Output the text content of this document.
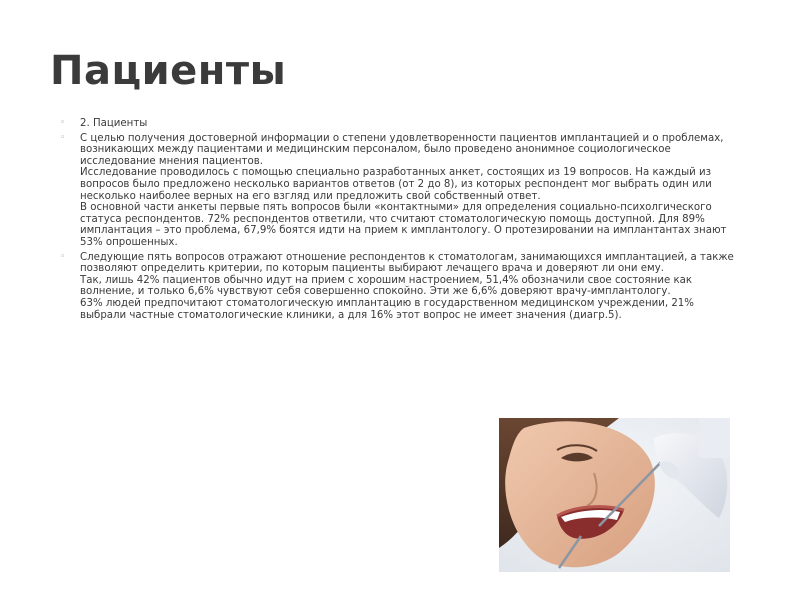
Пациенты
◦ 2. Пациенты
◦ С целью получения достоверной информации о степени удовлетворенности пациентов имплантацией и о проблемах,
возникающих между пациентами и медицинским персоналом, было проведено анонимное социологическое
исследование мнения пациентов.
Исследование проводилось с помощью специально разработанных анкет, состоящих из 19 вопросов. На каждый из
вопросов было предложено несколько вариантов ответов (от 2 до 8), из которых респондент мог выбрать один или
несколько наиболее верных на его взгляд или предложить свой собственный ответ.
В основной части анкеты первые пять вопросов были «контактными» для определения социально-психолгического
статуса респондентов. 72% респондентов ответили, что считают стоматологическую помощь доступной. Для 89%
имплантация – это проблема, 67,9% боятся идти на прием к имплантологу. О протезировании на имплантантах знают
53% опрошенных.
◦ Следующие пять вопросов отражают отношение респондентов к стоматологам, занимающихся имплантацией, а также
позволяют определить критерии, по которым пациенты выбирают лечащего врача и доверяют ли они ему.
Так, лишь 42% пациентов обычно идут на прием с хорошим настроением, 51,4% обозначили свое состояние как
волнение, и только 6,6% чувствуют себя совершенно спокойно. Эти же 6,6% доверяют врачу-имплантологу.
63% людей предпочитают стоматологическую имплантацию в государственном медицинском учреждении, 21%
выбрали частные стоматологические клиники, а для 16% этот вопрос не имеет значения (диагр.5).
